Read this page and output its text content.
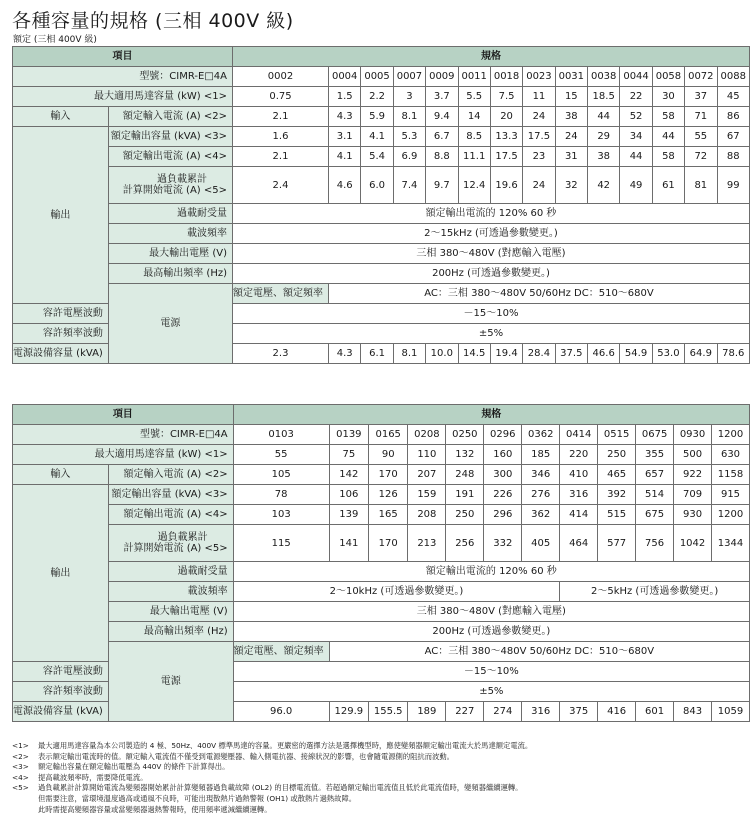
各種容量的規格 (三相 400V 級)
額定 (三相 400V 級)
項目		規格													
型號：CIMR-E□4A		0002	0004	0005	0007	0009	0011	0018	0023	0031	0038	0044	0058	0072	0088
最大適用馬達容量 (kW) <1>		0.75	1.5	2.2	3	3.7	5.5	7.5	11	15	18.5	22	30	37	45
輸入	額定輸入電流 (A) <2>	2.1	4.3	5.9	8.1	9.4	14	20	24	38	44	52	58	71	86
輸出	額定輸出容量 (kVA) <3>	1.6	3.1	4.1	5.3	6.7	8.5	13.3	17.5	24	29	34	44	55	67
	額定輸出電流 (A) <4>	2.1	4.1	5.4	6.9	8.8	11.1	17.5	23	31	38	44	58	72	88

	過負載累計
計算開始電流 (A) <5>	2.4	4.6	6.0	7.4	9.7	12.4	19.6	24	32	42	49	61	81	99
	過載耐受量	額定輸出電流的 120% 60 秒													
	載波頻率	2～15kHz (可透過參數變更。)													
	最大輸出電壓 (V)	三相 380～480V (對應輸入電壓)													
	最高輸出頻率 (Hz)	200Hz (可透過參數變更。)													
	電源	額定電壓、額定頻率	AC：三相 380～480V 50/60Hz DC：510～680V												
容許電壓波動		－15～10%													
容許頻率波動		±5%													
電源設備容量 (kVA)		2.3	4.3	6.1	8.1	10.0	14.5	19.4	28.4	37.5	46.6	54.9	53.0	64.9	78.6
項目		規格											
型號：CIMR-E□4A		0103	0139	0165	0208	0250	0296	0362	0414	0515	0675	0930	1200
最大適用馬達容量 (kW) <1>		55	75	90	110	132	160	185	220	250	355	500	630
輸入	額定輸入電流 (A) <2>	105	142	170	207	248	300	346	410	465	657	922	1158
輸出	額定輸出容量 (kVA) <3>	78	106	126	159	191	226	276	316	392	514	709	915
	額定輸出電流 (A) <4>	103	139	165	208	250	296	362	414	515	675	930	1200

	過負載累計
計算開始電流 (A) <5>	115	141	170	213	256	332	405	464	577	756	1042	1344
	過載耐受量	額定輸出電流的 120% 60 秒											
	載波頻率	2～10kHz (可透過參數變更。)							2～5kHz (可透過參數變更。)				
	最大輸出電壓 (V)	三相 380～480V (對應輸入電壓)											
	最高輸出頻率 (Hz)	200Hz (可透過參數變更。)											
	電源	額定電壓、額定頻率	AC：三相 380～480V 50/60Hz DC：510～680V										
容許電壓波動		－15～10%											
容許頻率波動		±5%											
電源設備容量 (kVA)		96.0	129.9	155.5	189	227	274	316	375	416	601	843	1059
<1>	最大適用馬達容量為本公司製造的 4 極、50Hz、400V 標準馬達的容量。更嚴密的選擇方法是選擇機型時，應使變頻器額定輸出電流大於馬達額定電流。
<2>	表示額定輸出電流時的值。額定輸入電流值不僅受到電源變壓器、輸入側電抗器、接線狀況的影響，也會隨電源側的阻抗而波動。
<3>	額定輸出容量在額定輸出電壓為 440V 的條件下計算得出。
<4>	提高載波頻率時，需要降低電流。
<5>	過負載累計計算開始電流為變頻器開始累計計算變頻器過負載故障 (OL2) 的目標電流值。若超過額定輸出電流值且低於此電流值時，變頻器繼續運轉。
但需要注意，當環境溫度過高或通風不良時，可能出現散熱片過熱警報 (OH1) 或散熱片過熱故障。
此時需提高變頻器容量或當變頻器過熱警報時，使用頻率遞減繼續運轉。
